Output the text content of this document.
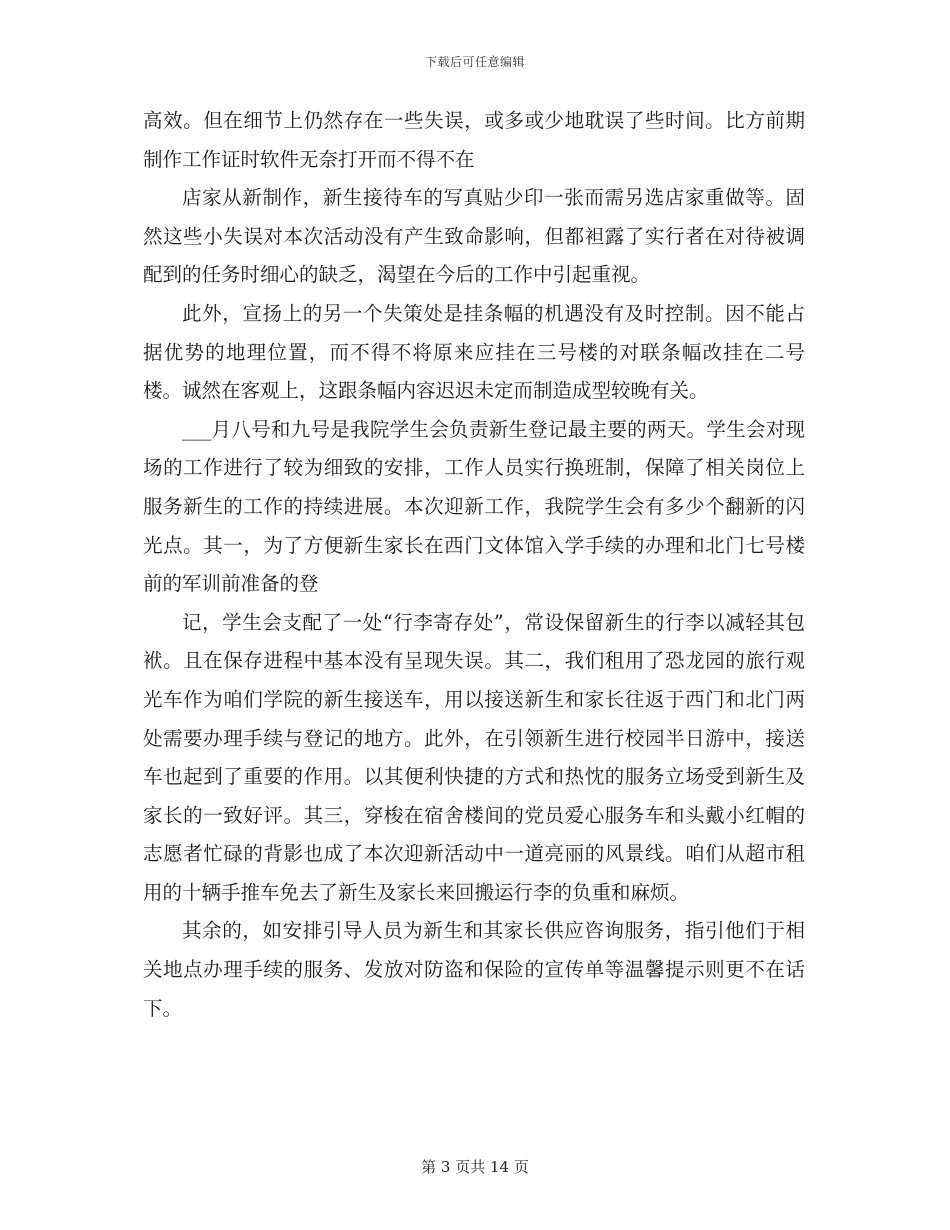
下载后可任意编辑

高效。但在细节上仍然存在一些失误，或多或少地耽误了些时间。比方前期制作工作证时软件无奈打开而不得不在

店家从新制作，新生接待车的写真贴少印一张而需另选店家重做等。固然这些小失误对本次活动没有产生致命影响，但都袒露了实行者在对待被调配到的任务时细心的缺乏，渴望在今后的工作中引起重视。

此外，宣扬上的另一个失策处是挂条幅的机遇没有及时控制。因不能占据优势的地理位置，而不得不将原来应挂在三号楼的对联条幅改挂在二号楼。诚然在客观上，这跟条幅内容迟迟未定而制造成型较晚有关。

___月八号和九号是我院学生会负责新生登记最主要的两天。学生会对现场的工作进行了较为细致的安排，工作人员实行换班制，保障了相关岗位上服务新生的工作的持续进展。本次迎新工作，我院学生会有多少个翻新的闪光点。其一，为了方便新生家长在西门文体馆入学手续的办理和北门七号楼前的军训前准备的登

记，学生会支配了一处“行李寄存处”，常设保留新生的行李以减轻其包袱。且在保存进程中基本没有呈现失误。其二，我们租用了恐龙园的旅行观光车作为咱们学院的新生接送车，用以接送新生和家长往返于西门和北门两处需要办理手续与登记的地方。此外，在引领新生进行校园半日游中，接送车也起到了重要的作用。以其便利快捷的方式和热忱的服务立场受到新生及家长的一致好评。其三，穿梭在宿舍楼间的党员爱心服务车和头戴小红帽的志愿者忙碌的背影也成了本次迎新活动中一道亮丽的风景线。咱们从超市租用的十辆手推车免去了新生及家长来回搬运行李的负重和麻烦。

其余的，如安排引导人员为新生和其家长供应咨询服务，指引他们于相关地点办理手续的服务、发放对防盗和保险的宣传单等温馨提示则更不在话下。

第 3 页共 14 页
